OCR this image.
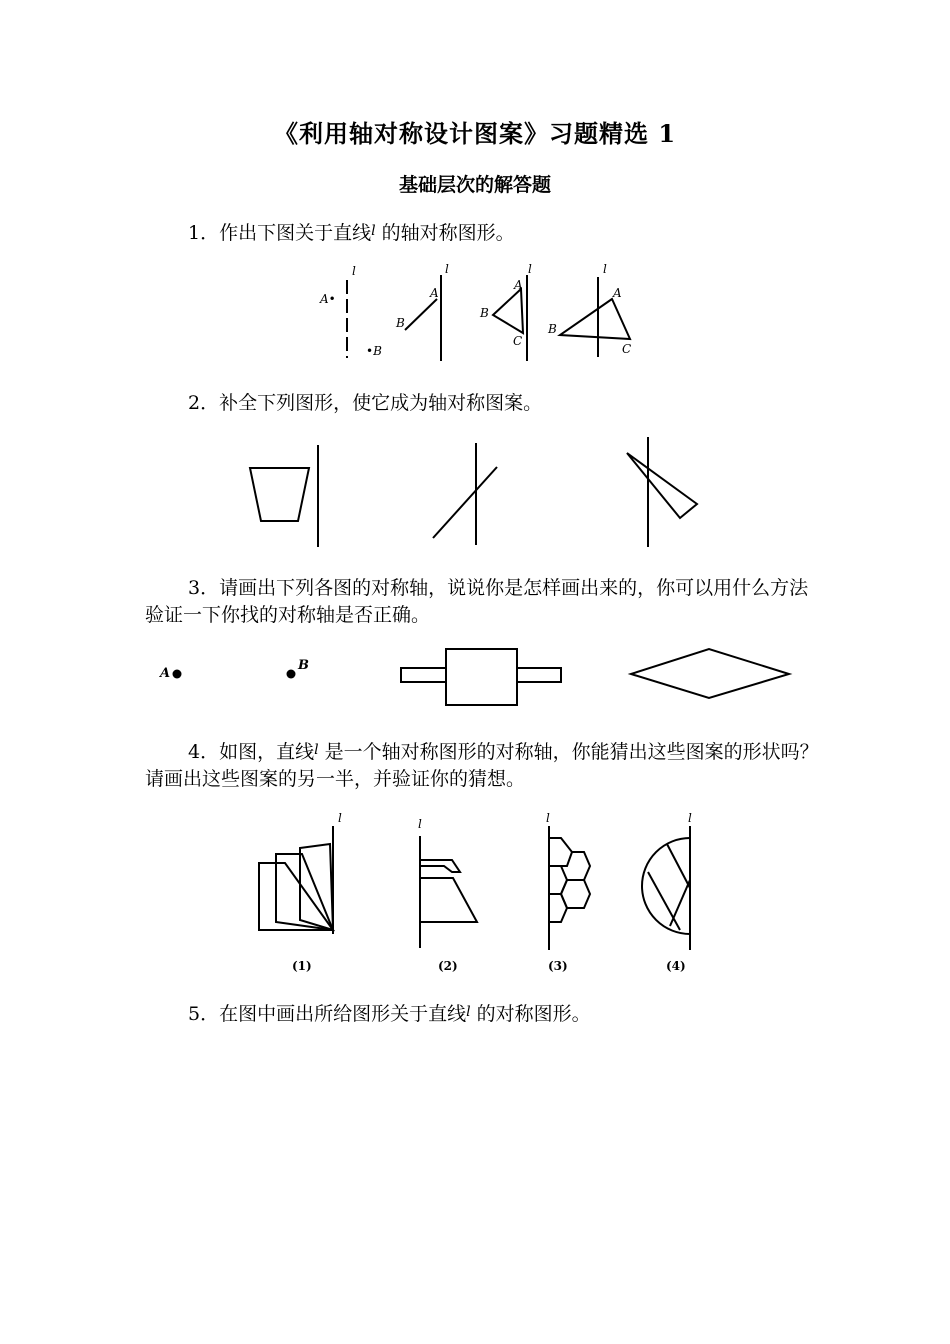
《利用轴对称设计图案》习题精选 1
基础层次的解答题
1．作出下图关于直线$^l$ 的轴对称图形。
l
A•
•B
l
B
A
l
A
B
C
l
A
B
C
2．补全下列图形，使它成为轴对称图案。
3．请画出下列各图的对称轴，说说你是怎样画出来的，你可以用什么方法验证一下你找的对称轴是否正确。
A
B
4．如图，直线$^l$ 是一个轴对称图形的对称轴，你能猜出这些图案的形状吗？请画出这些图案的另一半，并验证你的猜想。
l	l	l	l
(1)	(2)	(3)	(4)
5．在图中画出所给图形关于直线$^l$ 的对称图形。
